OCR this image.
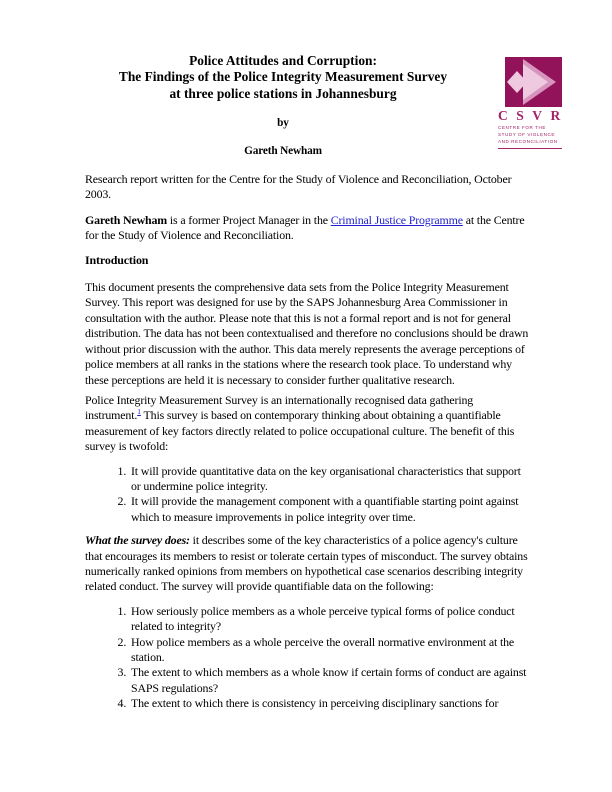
CSVR
CENTRE FOR THE
STUDY OF VIOLENCE
AND RECONCILIATION
Police Attitudes and Corruption:
The Findings of the Police Integrity Measurement Survey
at three police stations in Johannesburg
by
Gareth Newham

Research report written for the Centre for the Study of Violence and Reconciliation, October 2003.

Gareth Newham is a former Project Manager in the Criminal Justice Programme at the Centre for the Study of Violence and Reconciliation.

Introduction

This document presents the comprehensive data sets from the Police Integrity Measurement Survey. This report was designed for use by the SAPS Johannesburg Area Commissioner in consultation with the author. Please note that this is not a formal report and is not for general distribution. The data has not been contextualised and therefore no conclusions should be drawn without prior discussion with the author. This data merely represents the average perceptions of police members at all ranks in the stations where the research took place. To understand why these perceptions are held it is necessary to consider further qualitative research.

Police Integrity Measurement Survey is an internationally recognised data gathering instrument.$^1$ This survey is based on contemporary thinking about obtaining a quantifiable measurement of key factors directly related to police occupational culture. The benefit of this survey is twofold:

1. It will provide quantitative data on the key organisational characteristics that support or undermine police integrity.
2. It will provide the management component with a quantifiable starting point against which to measure improvements in police integrity over time.

What the survey does: it describes some of the key characteristics of a police agency's culture that encourages its members to resist or tolerate certain types of misconduct. The survey obtains numerically ranked opinions from members on hypothetical case scenarios describing integrity related conduct. The survey will provide quantifiable data on the following:

1. How seriously police members as a whole perceive typical forms of police conduct related to integrity?
2. How police members as a whole perceive the overall normative environment at the station.
3. The extent to which members as a whole know if certain forms of conduct are against SAPS regulations?
4. The extent to which there is consistency in perceiving disciplinary sanctions for
